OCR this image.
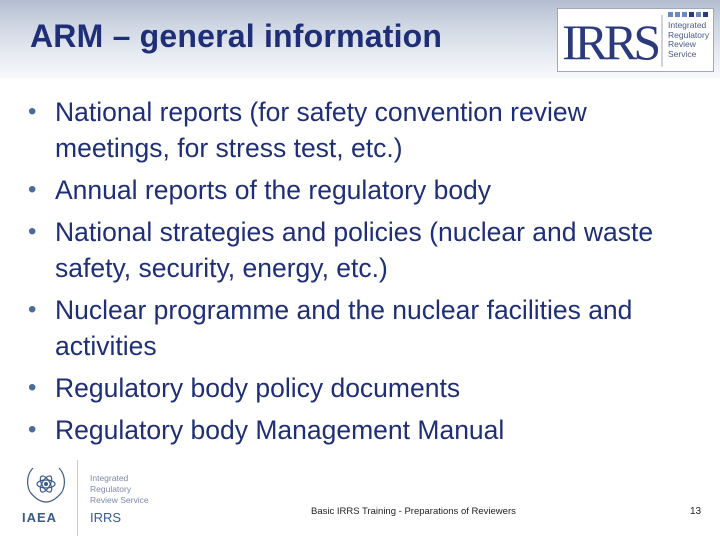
ARM – general information IRRS Integrated
Regulatory
Review
Service
• National reports (for safety convention review meetings, for stress test, etc.)
• Annual reports of the regulatory body
• National strategies and policies (nuclear and waste safety, security, energy, etc.)
• Nuclear programme and the nuclear facilities and activities
• Regulatory body policy documents
• Regulatory body Management Manual
IAEA
Integrated
Regulatory
Review Service
IRRS	Basic IRRS Training - Preparations of Reviewers	13
